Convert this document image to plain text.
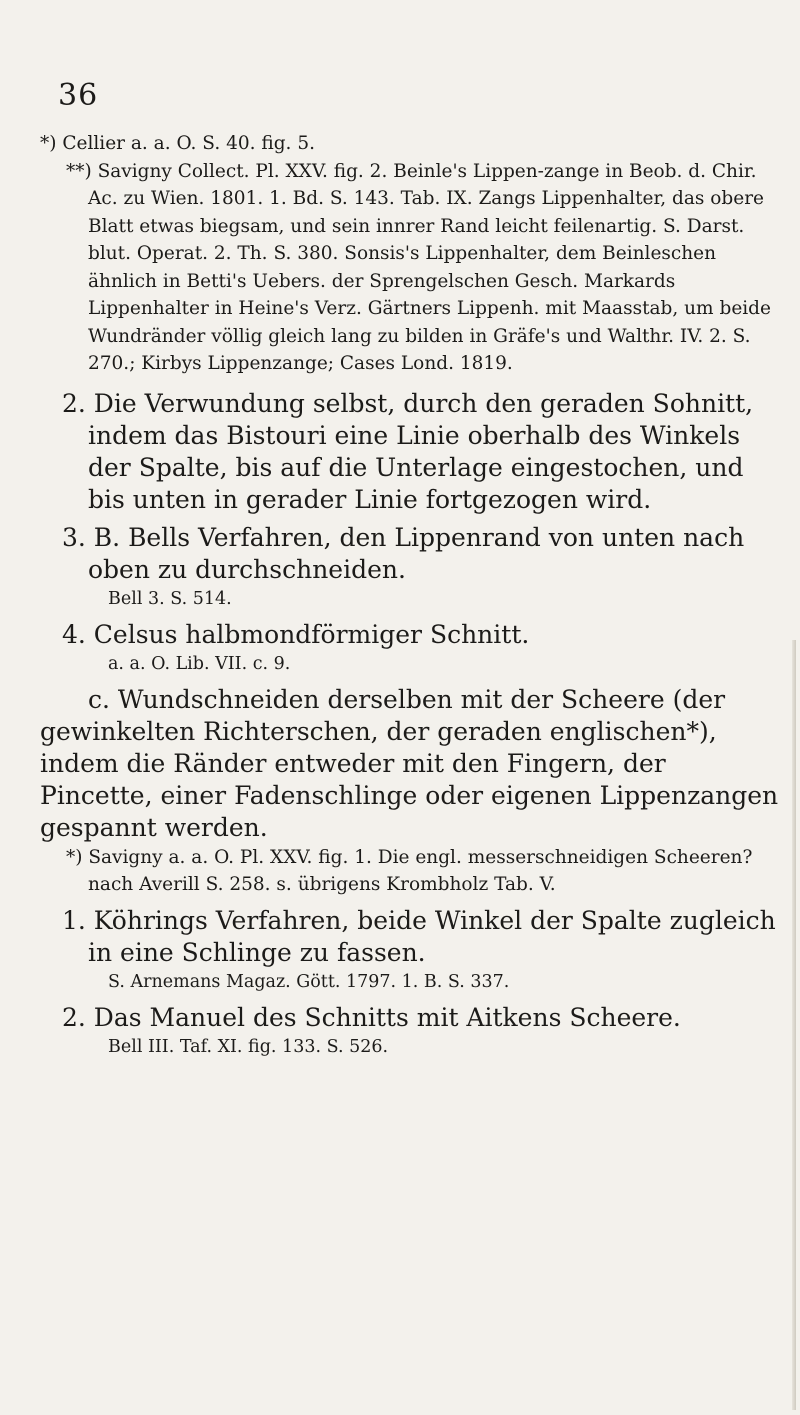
36

*) Cellier a. a. O. S. 40. fig. 5.

**) Savigny Collect. Pl. XXV. fig. 2. Beinle's Lippen-zange in Beob. d. Chir. Ac. zu Wien. 1801. 1. Bd. S. 143. Tab. IX. Zangs Lippenhalter, das obere Blatt etwas biegsam, und sein innrer Rand leicht feilenartig. S. Darst. blut. Operat. 2. Th. S. 380. Sonsis's Lippenhalter, dem Beinleschen ähnlich in Betti's Uebers. der Sprengelschen Gesch. Markards Lippenhalter in Heine's Verz. Gärtners Lippenh. mit Maasstab, um beide Wundränder völlig gleich lang zu bilden in Gräfe's und Walthr. IV. 2. S. 270.; Kirbys Lippenzange; Cases Lond. 1819.

2. Die Verwundung selbst, durch den geraden Sohnitt, indem das Bistouri eine Linie oberhalb des Winkels der Spalte, bis auf die Unterlage eingestochen, und bis unten in gerader Linie fortgezogen wird.

3. B. Bells Verfahren, den Lippenrand von unten nach oben zu durchschneiden.

Bell 3. S. 514.

4. Celsus halbmondförmiger Schnitt.

a. a. O. Lib. VII. c. 9.

c. Wundschneiden derselben mit der Scheere (der gewinkelten Richterschen, der geraden englischen*), indem die Ränder entweder mit den Fingern, der Pincette, einer Fadenschlinge oder eigenen Lippenzangen gespannt werden.

*) Savigny a. a. O. Pl. XXV. fig. 1. Die engl. messerschneidigen Scheeren? nach Averill S. 258. s. übrigens Krombholz Tab. V.

1. Köhrings Verfahren, beide Winkel der Spalte zugleich in eine Schlinge zu fassen.

S. Arnemans Magaz. Gött. 1797. 1. B. S. 337.

2. Das Manuel des Schnitts mit Aitkens Scheere.

Bell III. Taf. XI. fig. 133. S. 526.
